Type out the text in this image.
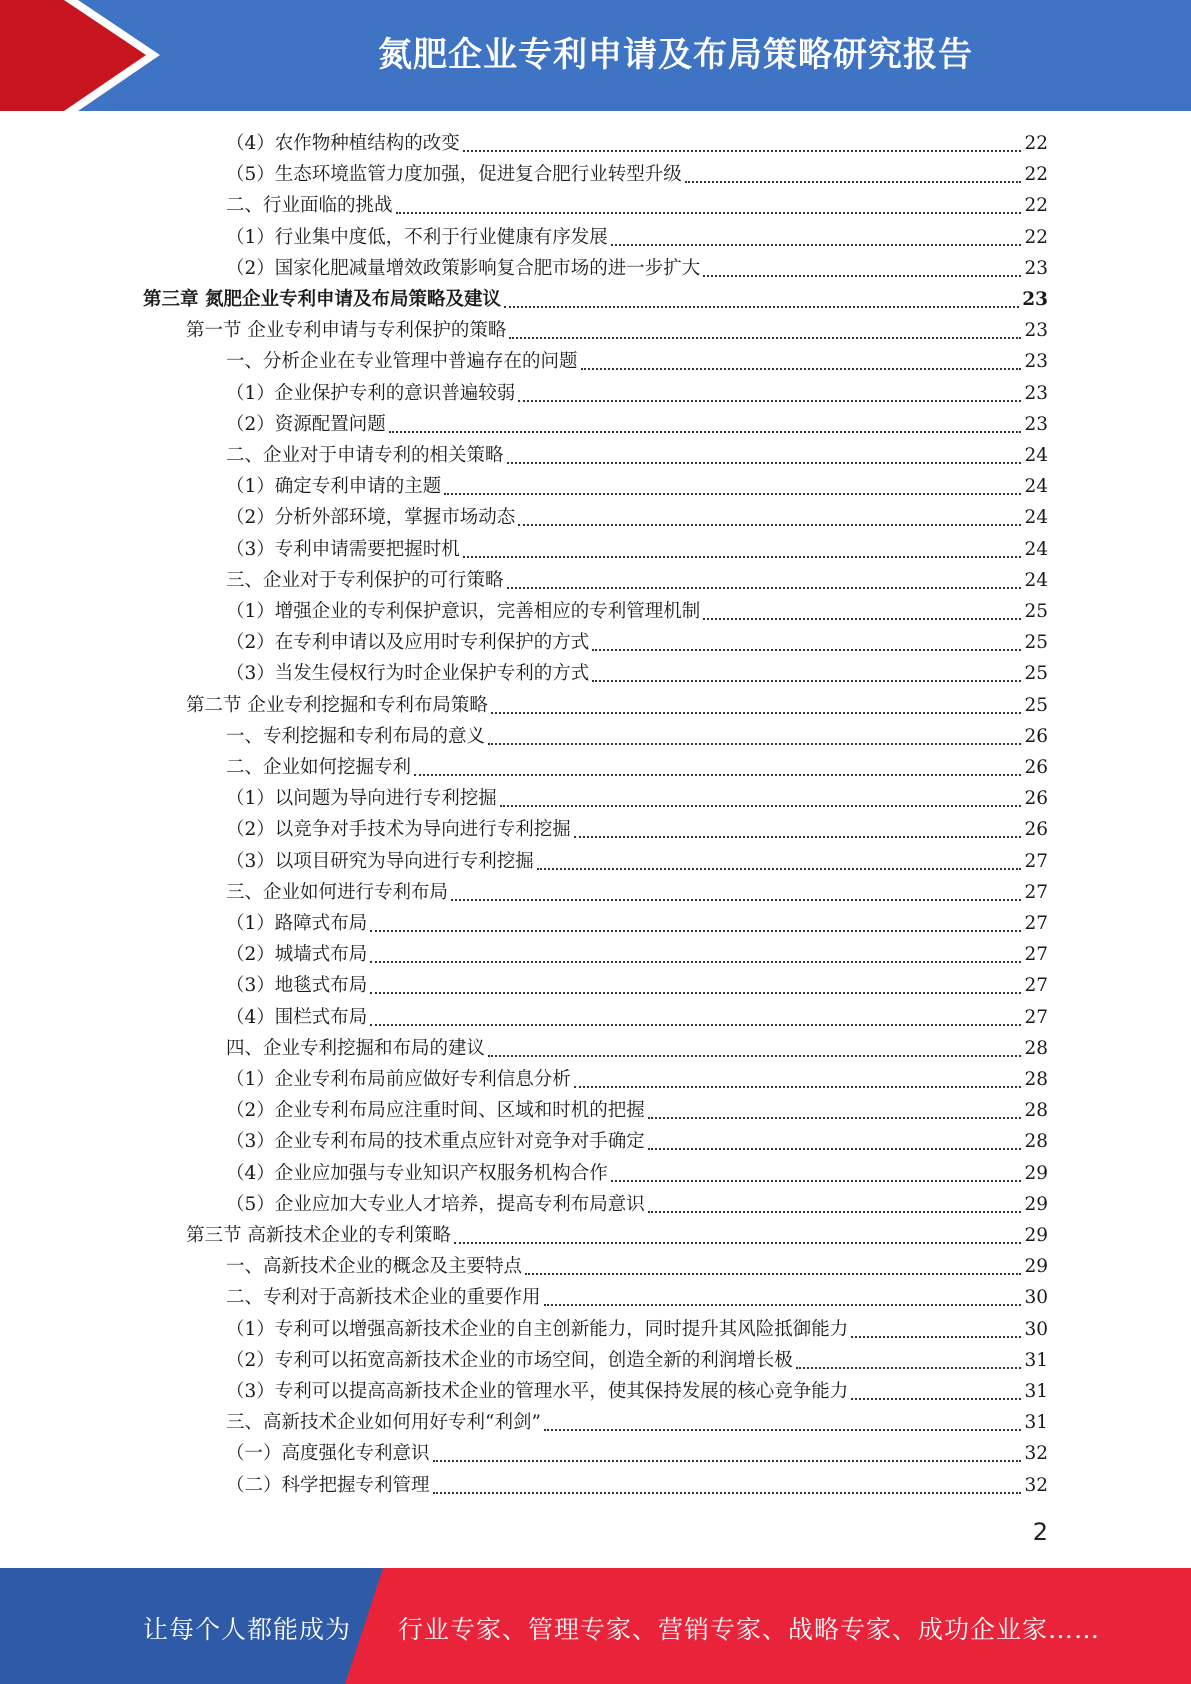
氮肥企业专利申请及布局策略研究报告
（4）农作物种植结构的改变	22
（5）生态环境监管力度加强，促进复合肥行业转型升级	22
二、行业面临的挑战	22
（1）行业集中度低，不利于行业健康有序发展	22
（2）国家化肥减量增效政策影响复合肥市场的进一步扩大	23
第三章 氮肥企业专利申请及布局策略及建议	23
第一节 企业专利申请与专利保护的策略	23
一、分析企业在专业管理中普遍存在的问题	23
（1）企业保护专利的意识普遍较弱	23
（2）资源配置问题	23
二、企业对于申请专利的相关策略	24
（1）确定专利申请的主题	24
（2）分析外部环境，掌握市场动态	24
（3）专利申请需要把握时机	24
三、企业对于专利保护的可行策略	24
（1）增强企业的专利保护意识，完善相应的专利管理机制	25
（2）在专利申请以及应用时专利保护的方式	25
（3）当发生侵权行为时企业保护专利的方式	25
第二节 企业专利挖掘和专利布局策略	25
一、专利挖掘和专利布局的意义	26
二、企业如何挖掘专利	26
（1）以问题为导向进行专利挖掘	26
（2）以竞争对手技术为导向进行专利挖掘	26
（3）以项目研究为导向进行专利挖掘	27
三、企业如何进行专利布局	27
（1）路障式布局	27
（2）城墙式布局	27
（3）地毯式布局	27
（4）围栏式布局	27
四、企业专利挖掘和布局的建议	28
（1）企业专利布局前应做好专利信息分析	28
（2）企业专利布局应注重时间、区域和时机的把握	28
（3）企业专利布局的技术重点应针对竞争对手确定	28
（4）企业应加强与专业知识产权服务机构合作	29
（5）企业应加大专业人才培养，提高专利布局意识	29
第三节 高新技术企业的专利策略	29
一、高新技术企业的概念及主要特点	29
二、专利对于高新技术企业的重要作用	30
（1）专利可以增强高新技术企业的自主创新能力，同时提升其风险抵御能力	30
（2）专利可以拓宽高新技术企业的市场空间，创造全新的利润增长极	31
（3）专利可以提高高新技术企业的管理水平，使其保持发展的核心竞争能力	31
三、高新技术企业如何用好专利“利剑”	31
（一）高度强化专利意识	32
（二）科学把握专利管理	32
2
让每个人都能成为 行业专家、管理专家、营销专家、战略专家、成功企业家……
